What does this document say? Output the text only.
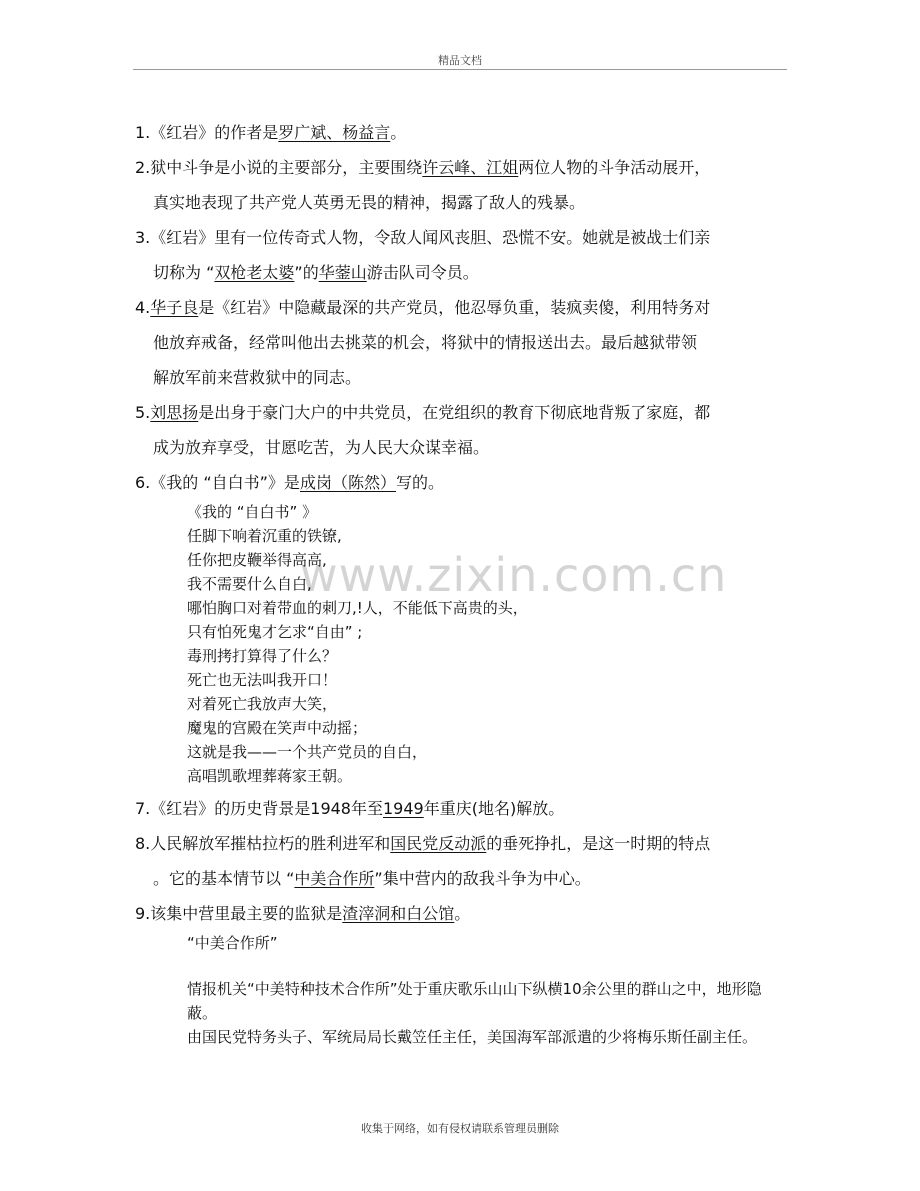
精品文档
www.zixin.com.cn

1.《红岩》的作者是罗广斌、杨益言。

2.狱中斗争是小说的主要部分，主要围绕许云峰、江姐两位人物的斗争活动展开，
真实地表现了共产党人英勇无畏的精神，揭露了敌人的残暴。

3.《红岩》里有一位传奇式人物，令敌人闻风丧胆、恐慌不安。她就是被战士们亲
切称为 “双枪老太婆”的华蓥山游击队司令员。

4.华子良是《红岩》中隐藏最深的共产党员，他忍辱负重，装疯卖傻，利用特务对
他放弃戒备，经常叫他出去挑菜的机会，将狱中的情报送出去。最后越狱带领
解放军前来营救狱中的同志。

5.刘思扬是出身于豪门大户的中共党员，在党组织的教育下彻底地背叛了家庭，都
成为放弃享受，甘愿吃苦，为人民大众谋幸福。

6.《我的 “自白书”》是成岗（陈然）写的。

《我的 “自白书” 》
任脚下响着沉重的铁镣,
任你把皮鞭举得高高,
我不需要什么自白,
哪怕胸口对着带血的刺刀,!人，不能低下高贵的头，
只有怕死鬼才乞求“自由” ;
毒刑拷打算得了什么？
死亡也无法叫我开口！
对着死亡我放声大笑，
魔鬼的宫殿在笑声中动摇；
这就是我——一个共产党员的自白，
高唱凯歌埋葬蒋家王朝。

7.《红岩》的历史背景是1948年至1949年重庆(地名)解放。

8.人民解放军摧枯拉朽的胜利进军和国民党反动派的垂死挣扎，是这一时期的特点
。它的基本情节以 “中美合作所”集中营内的敌我斗争为中心。

9.该集中营里最主要的监狱是渣滓洞和白公馆。

“中美合作所”

情报机关“中美特种技术合作所”处于重庆歌乐山山下纵横10余公里的群山之中，地形隐蔽。

由国民党特务头子、军统局局长戴笠任主任，美国海军部派遣的少将梅乐斯任副主任。

收集于网络，如有侵权请联系管理员删除
